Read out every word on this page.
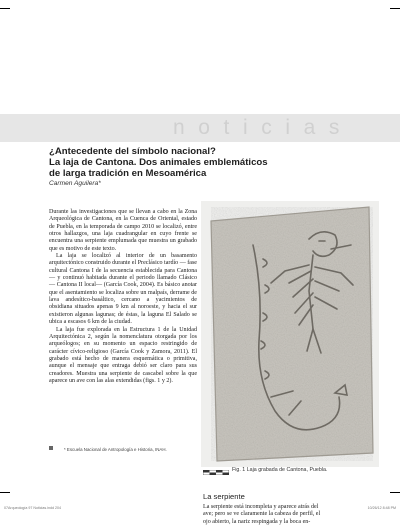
noticias
¿Antecedente del símbolo nacional?
La laja de Cantona. Dos animales emblemáticos
de larga tradición en Mesoamérica
Carmen Aguilera*

Durante las investigaciones que se llevan a cabo en la Zona Arqueológica de Cantona, en la Cuenca de Oriental, estado de Puebla, en la temporada de campo 2010 se localizó, entre otros hallazgos, una laja cuadrangular en cuyo frente se encuentra una serpiente emplumada que muestra un grabado que es motivo de este texto.

La laja se localizó al interior de un basamento arquitectónico construido durante el Preclásico tardío — fase cultural Cantona I de la secuencia establecida para Cantona— y continuó habitada durante el periodo llamado Clásico — Cantona II local— (García Cook, 2004). Es básico anotar que el asentamiento se localiza sobre un malpaís, derrame de lava andesítico-basáltico, cercano a yacimientos de obsidiana situados apenas 9 km al noroeste, y hacia el sur existieron algunas lagunas; de éstas, la laguna El Salado se ubica a escasos 6 km de la ciudad.

La laja fue explorada en la Estructura 1 de la Unidad Arquitectónica 2, según la nomenclatura otorgada por los arqueólogos; en su momento un espacio restringido de carácter cívico-religioso (García Cook y Zamora, 2011). El grabado está hecho de manera esquemática o primitiva, aunque el mensaje que entraga debió ser claro para sus creadores. Muestra una serpiente de cascabel sobre la que aparece un ave con las alas extendidas (figs. 1 y 2).

* Escuela Nacional de Antropología e Historia, INAH.
Fig. 1 Laja grabada de Cantona, Puebla.
La serpiente

La serpiente está incompleta y aparece atrás del

ave; pero se ve claramente la cabeza de perfil, el

ojo abierto, la nariz respingada y la boca en-

07Arqueología 97 Noticias.indd 204	10/26/12 8:48 PM
